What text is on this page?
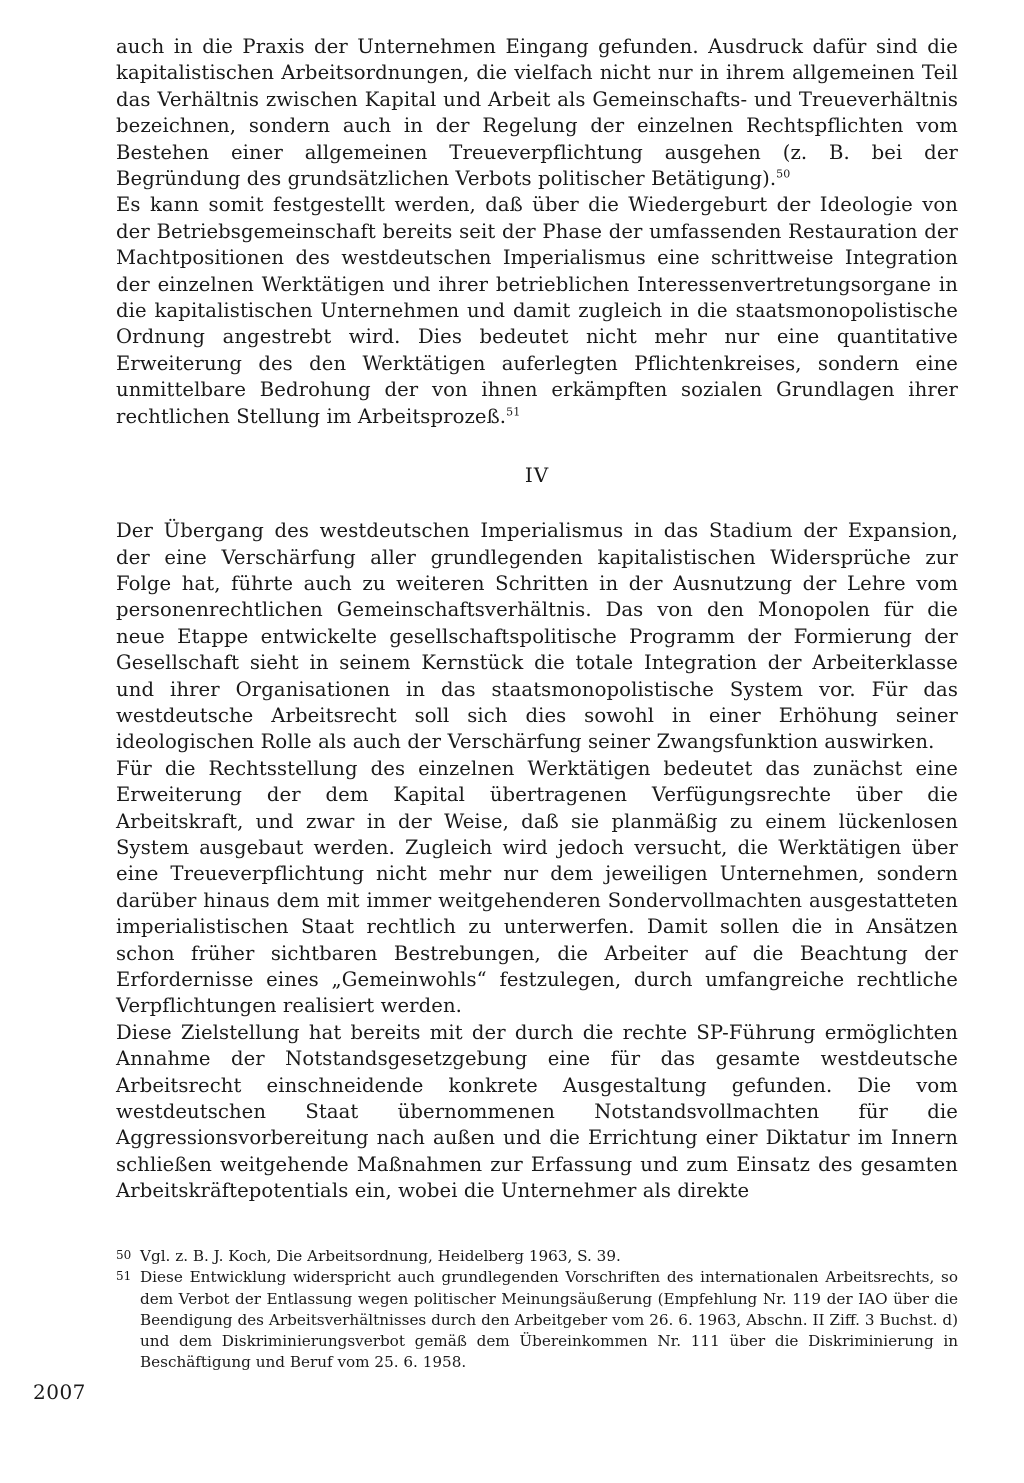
auch in die Praxis der Unternehmen Eingang gefunden. Ausdruck dafür sind die kapitalistischen Arbeitsordnungen, die vielfach nicht nur in ihrem allgemeinen Teil das Verhältnis zwischen Kapital und Arbeit als Gemeinschafts- und Treueverhältnis bezeichnen, sondern auch in der Regelung der einzelnen Rechtspflichten vom Bestehen einer allgemeinen Treueverpflichtung ausgehen (z. B. bei der Begründung des grundsätzlichen Verbots politischer Betätigung).$^{50}$

Es kann somit festgestellt werden, daß über die Wiedergeburt der Ideologie von der Betriebsgemeinschaft bereits seit der Phase der umfassenden Restauration der Machtpositionen des westdeutschen Imperialismus eine schrittweise Integration der einzelnen Werktätigen und ihrer betrieblichen Interessenvertretungsorgane in die kapitalistischen Unternehmen und damit zugleich in die staatsmonopolistische Ordnung angestrebt wird. Dies bedeutet nicht mehr nur eine quantitative Erweiterung des den Werktätigen auferlegten Pflichtenkreises, sondern eine unmittelbare Bedrohung der von ihnen erkämpften sozialen Grundlagen ihrer rechtlichen Stellung im Arbeitsprozeß.$^{51}$

IV

Der Übergang des westdeutschen Imperialismus in das Stadium der Expansion, der eine Verschärfung aller grundlegenden kapitalistischen Widersprüche zur Folge hat, führte auch zu weiteren Schritten in der Ausnutzung der Lehre vom personenrechtlichen Gemeinschaftsverhältnis. Das von den Monopolen für die neue Etappe entwickelte gesellschaftspolitische Programm der Formierung der Gesellschaft sieht in seinem Kernstück die totale Integration der Arbeiterklasse und ihrer Organisationen in das staatsmonopolistische System vor. Für das westdeutsche Arbeitsrecht soll sich dies sowohl in einer Erhöhung seiner ideologischen Rolle als auch der Verschärfung seiner Zwangsfunktion auswirken.

Für die Rechtsstellung des einzelnen Werktätigen bedeutet das zunächst eine Erweiterung der dem Kapital übertragenen Verfügungsrechte über die Arbeitskraft, und zwar in der Weise, daß sie planmäßig zu einem lückenlosen System ausgebaut werden. Zugleich wird jedoch versucht, die Werktätigen über eine Treueverpflichtung nicht mehr nur dem jeweiligen Unternehmen, sondern darüber hinaus dem mit immer weitgehenderen Sondervollmachten ausgestatteten imperialistischen Staat rechtlich zu unterwerfen. Damit sollen die in Ansätzen schon früher sichtbaren Bestrebungen, die Arbeiter auf die Beachtung der Erfordernisse eines „Gemeinwohls“ festzulegen, durch umfangreiche rechtliche Verpflichtungen realisiert werden.

Diese Zielstellung hat bereits mit der durch die rechte SP-Führung ermöglichten Annahme der Notstandsgesetzgebung eine für das gesamte westdeutsche Arbeitsrecht einschneidende konkrete Ausgestaltung gefunden. Die vom westdeutschen Staat übernommenen Notstandsvollmachten für die Aggressionsvorbereitung nach außen und die Errichtung einer Diktatur im Innern schließen weitgehende Maßnahmen zur Erfassung und zum Einsatz des gesamten Arbeitskräftepotentials ein, wobei die Unternehmer als direkte

50 Vgl. z. B. J. Koch, Die Arbeitsordnung, Heidelberg 1963, S. 39.

51 Diese Entwicklung widerspricht auch grundlegenden Vorschriften des internationalen Arbeitsrechts, so dem Verbot der Entlassung wegen politischer Meinungsäußerung (Empfehlung Nr. 119 der IAO über die Beendigung des Arbeitsverhältnisses durch den Arbeitgeber vom 26. 6. 1963, Abschn. II Ziff. 3 Buchst. d) und dem Diskriminierungsverbot gemäß dem Übereinkommen Nr. 111 über die Diskriminierung in Beschäftigung und Beruf vom 25. 6. 1958.

2007
